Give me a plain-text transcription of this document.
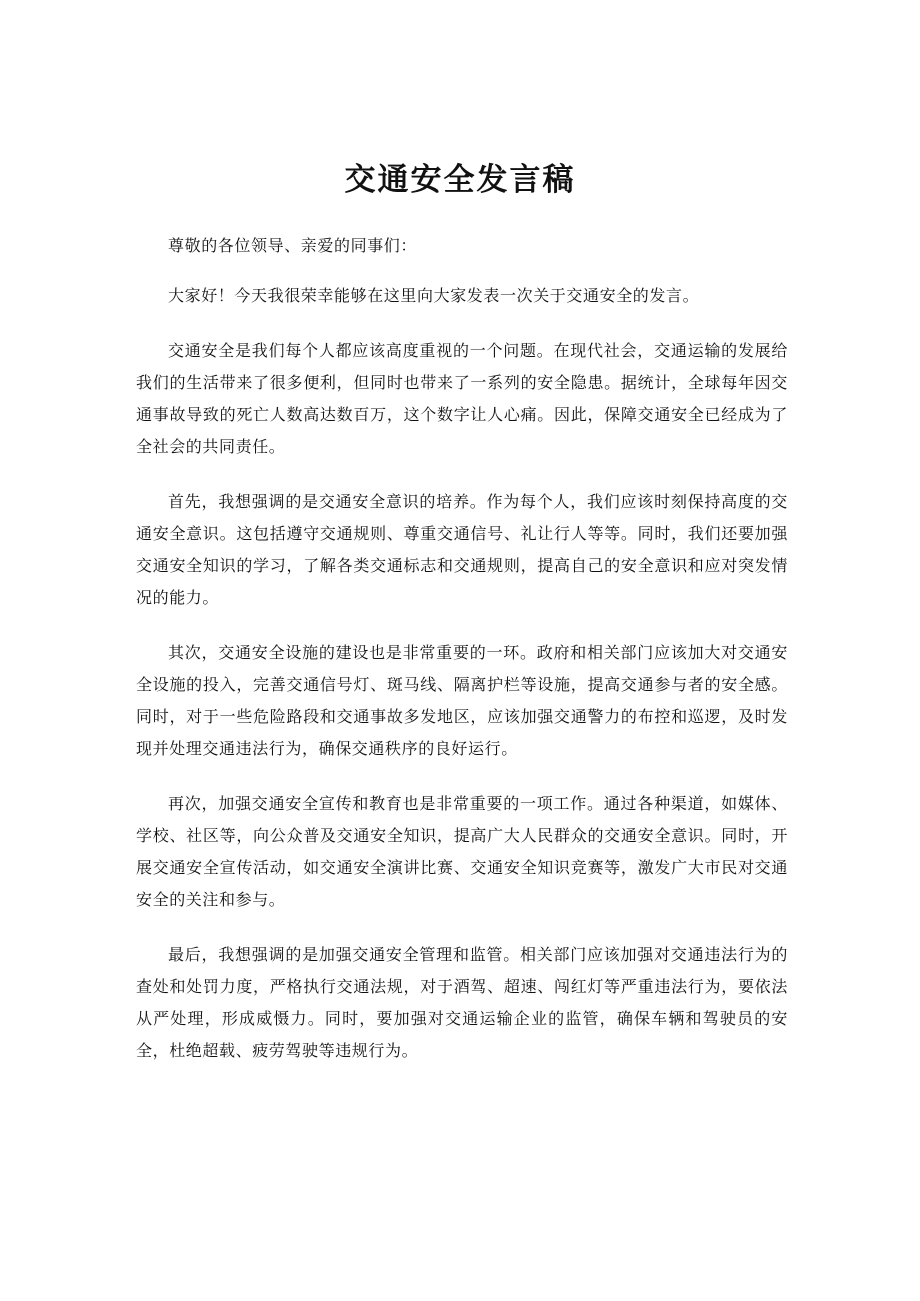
交通安全发言稿

尊敬的各位领导、亲爱的同事们：

大家好！今天我很荣幸能够在这里向大家发表一次关于交通安全的发言。

交通安全是我们每个人都应该高度重视的一个问题。在现代社会，交通运输的发展给我们的生活带来了很多便利，但同时也带来了一系列的安全隐患。据统计，全球每年因交通事故导致的死亡人数高达数百万，这个数字让人心痛。因此，保障交通安全已经成为了全社会的共同责任。

首先，我想强调的是交通安全意识的培养。作为每个人，我们应该时刻保持高度的交通安全意识。这包括遵守交通规则、尊重交通信号、礼让行人等等。同时，我们还要加强交通安全知识的学习，了解各类交通标志和交通规则，提高自己的安全意识和应对突发情况的能力。

其次，交通安全设施的建设也是非常重要的一环。政府和相关部门应该加大对交通安全设施的投入，完善交通信号灯、斑马线、隔离护栏等设施，提高交通参与者的安全感。同时，对于一些危险路段和交通事故多发地区，应该加强交通警力的布控和巡逻，及时发现并处理交通违法行为，确保交通秩序的良好运行。

再次，加强交通安全宣传和教育也是非常重要的一项工作。通过各种渠道，如媒体、学校、社区等，向公众普及交通安全知识，提高广大人民群众的交通安全意识。同时，开展交通安全宣传活动，如交通安全演讲比赛、交通安全知识竞赛等，激发广大市民对交通安全的关注和参与。

最后，我想强调的是加强交通安全管理和监管。相关部门应该加强对交通违法行为的查处和处罚力度，严格执行交通法规，对于酒驾、超速、闯红灯等严重违法行为，要依法从严处理，形成威慑力。同时，要加强对交通运输企业的监管，确保车辆和驾驶员的安全，杜绝超载、疲劳驾驶等违规行为。
